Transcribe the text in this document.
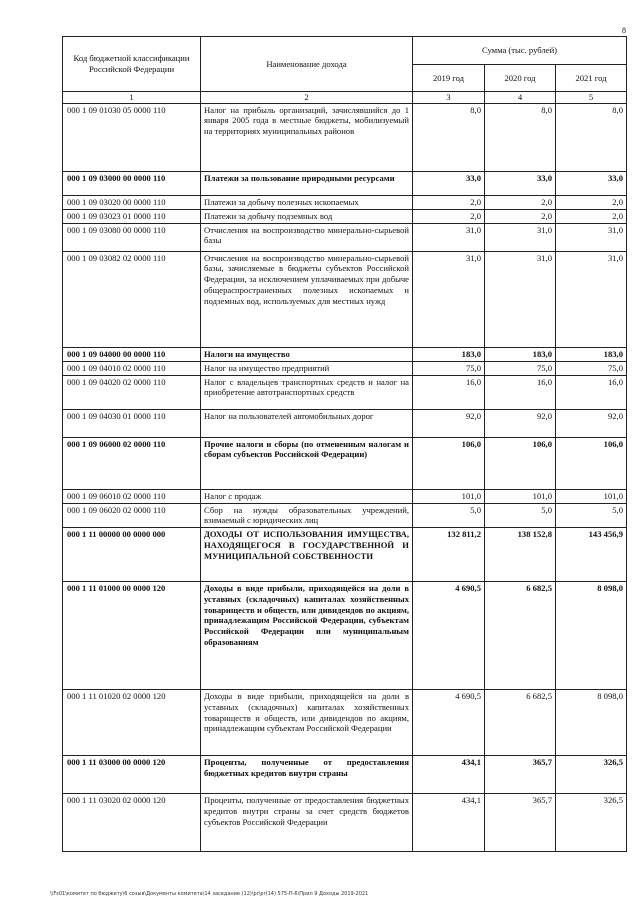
8
Код бюджетной классификации Российской Федерации	Наименование дохода	Сумма (тыс. рублей)		
		2019 год	2020 год	2021 год
1	2	3	4	5
000 1 09 01030 05 0000 110	Налог на прибыль организаций, зачислявшийся до 1 января 2005 года в местные бюджеты, мобилизуемый на территориях муниципальных районов	8,0	8,0	8,0
000 1 09 03000 00 0000 110	Платежи за пользование природными ресурсами	33,0	33,0	33,0
000 1 09 03020 00 0000 110	Платежи за добычу полезных ископаемых	2,0	2,0	2,0
000 1 09 03023 01 0000 110	Платежи за добычу подземных вод	2,0	2,0	2,0
000 1 09 03080 00 0000 110	Отчисления на воспроизводство минерально-сырьевой базы	31,0	31,0	31,0
000 1 09 03082 02 0000 110	Отчисления на воспроизводство минерально-сырьевой базы, зачисляемые в бюджеты субъектов Российской Федерации, за исключением уплачиваемых при добыче общераспространенных полезных ископаемых и подземных вод, используемых для местных нужд	31,0	31,0	31,0
000 1 09 04000 00 0000 110	Налоги на имущество	183,0	183,0	183,0
000 1 09 04010 02 0000 110	Налог на имущество предприятий	75,0	75,0	75,0
000 1 09 04020 02 0000 110	Налог с владельцев транспортных средств и налог на приобретение автотранспортных средств	16,0	16,0	16,0
000 1 09 04030 01 0000 110	Налог на пользователей автомобильных дорог	92,0	92,0	92,0
000 1 09 06000 02 0000 110	Прочие налоги и сборы (по отмененным налогам и сборам субъектов Российской Федерации)	106,0	106,0	106,0
000 1 09 06010 02 0000 110	Налог с продаж	101,0	101,0	101,0
000 1 09 06020 02 0000 110	Сбор на нужды образовательных учреждений, взимаемый с юридических лиц	5,0	5,0	5,0
000 1 11 00000 00 0000 000	ДОХОДЫ ОТ ИСПОЛЬЗОВАНИЯ ИМУЩЕСТВА, НАХОДЯЩЕГОСЯ В ГОСУДАРСТВЕННОЙ И МУНИЦИПАЛЬНОЙ СОБСТВЕННОСТИ	132 811,2	138 152,8	143 456,9
000 1 11 01000 00 0000 120	Доходы в виде прибыли, приходящейся на доли в уставных (складочных) капиталах хозяйственных товариществ и обществ, или дивидендов по акциям, принадлежащим Российской Федерации, субъектам Российской Федерации или муниципальным образованиям	4 690,5	6 682,5	8 098,0
000 1 11 01020 02 0000 120	Доходы в виде прибыли, приходящейся на доли в уставных (складочных) капиталах хозяйственных товариществ и обществ, или дивидендов по акциям, принадлежащим субъектам Российской Федерации	4 690,5	6 682,5	8 098,0
000 1 11 03000 00 0000 120	Проценты, полученные от предоставления бюджетных кредитов внутри страны	434,1	365,7	326,5
000 1 11 03020 02 0000 120	Проценты, полученные от предоставления бюджетных кредитов внутри страны за счет средств бюджетов субъектов Российской Федерации	434,1	365,7	326,5
\\Fs01\комитет по бюджету\6 созыв\Документы комитета\14 заседание (12)\pr\pr(14) 575-П-6\Прил 9 Доходы 2019-2021
